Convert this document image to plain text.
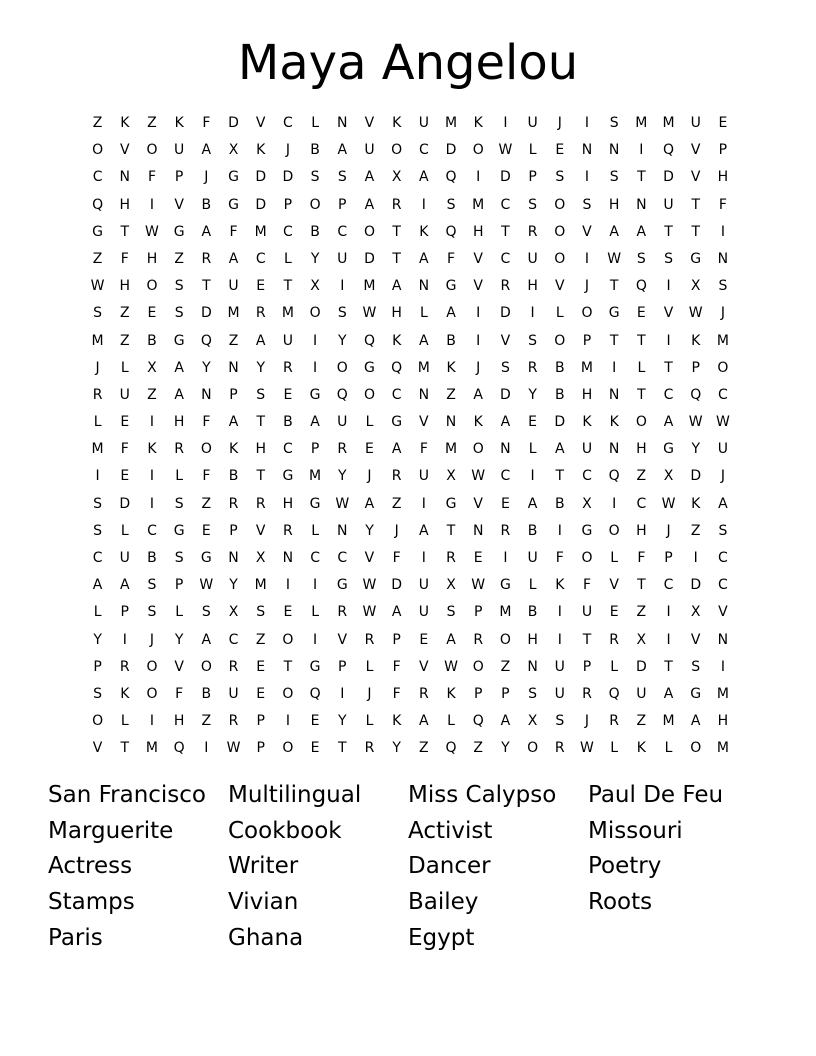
Maya Angelou
Z	K	Z	K	F	D	V	C	L	N	V	K	U	M	K	I	U	J	I	S	M	M	U	E
O	V	O	U	A	X	K	J	B	A	U	O	C	D	O	W	L	E	N	N	I	Q	V	P
C	N	F	P	J	G	D	D	S	S	A	X	A	Q	I	D	P	S	I	S	T	D	V	H
Q	H	I	V	B	G	D	P	O	P	A	R	I	S	M	C	S	O	S	H	N	U	T	F
G	T	W	G	A	F	M	C	B	C	O	T	K	Q	H	T	R	O	V	A	A	T	T	I
Z	F	H	Z	R	A	C	L	Y	U	D	T	A	F	V	C	U	O	I	W	S	S	G	N
W	H	O	S	T	U	E	T	X	I	M	A	N	G	V	R	H	V	J	T	Q	I	X	S
S	Z	E	S	D	M	R	M	O	S	W	H	L	A	I	D	I	L	O	G	E	V	W	J
M	Z	B	G	Q	Z	A	U	I	Y	Q	K	A	B	I	V	S	O	P	T	T	I	K	M
J	L	X	A	Y	N	Y	R	I	O	G	Q	M	K	J	S	R	B	M	I	L	T	P	O
R	U	Z	A	N	P	S	E	G	Q	O	C	N	Z	A	D	Y	B	H	N	T	C	Q	C
L	E	I	H	F	A	T	B	A	U	L	G	V	N	K	A	E	D	K	K	O	A	W W
M	F	K	R	O	K	H	C	P	R	E	A	F	M	O	N	L	A	U	N	H	G	Y	U
I	E	I	L	F	B	T	G	M	Y	J	R	U	X	W	C	I	T	C	Q	Z	X	D	J
S	D	I	S	Z	R	R	H	G	W	A	Z	I	G	V	E	A	B	X	I	C	W	K	A
S	L	C	G	E	P	V	R	L	N	Y	J	A	T	N	R	B	I	G	O	H	J	Z	S
C	U	B	S	G	N	X	N	C	C	V	F	I	R	E	I	U	F	O	L	F	P	I	C
A	A	S	P	W	Y	M	I	I	G	W	D	U	X	W	G	L	K	F	V	T	C	D	C
L	P	S	L	S	X	S	E	L	R	W	A	U	S	P	M	B	I	U	E	Z	I	X	V
Y	I	J	Y	A	C	Z	O	I	V	R	P	E	A	R	O	H	I	T	R	X	I	V	N
P	R	O	V	O	R	E	T	G	P	L	F	V	W	O	Z	N	U	P	L	D	T	S	I
S	K	O	F	B	U	E	O	Q	I	J	F	R	K	P	P	S	U	R	Q	U	A	G	M
O	L	I	H	Z	R	P	I	E	Y	L	K	A	L	Q	A	X	S	J	R	Z	M	A	H
V	T	M	Q	I	W	P	O	E	T	R	Y	Z	Q	Z	Y	O	R	W	L	K	L	O	M
San Francisco
Marguerite
Actress
Stamps
Paris
Multilingual
Cookbook
Writer
Vivian
Ghana
Miss Calypso
Activist
Dancer
Bailey
Egypt
Paul De Feu
Missouri
Poetry
Roots
